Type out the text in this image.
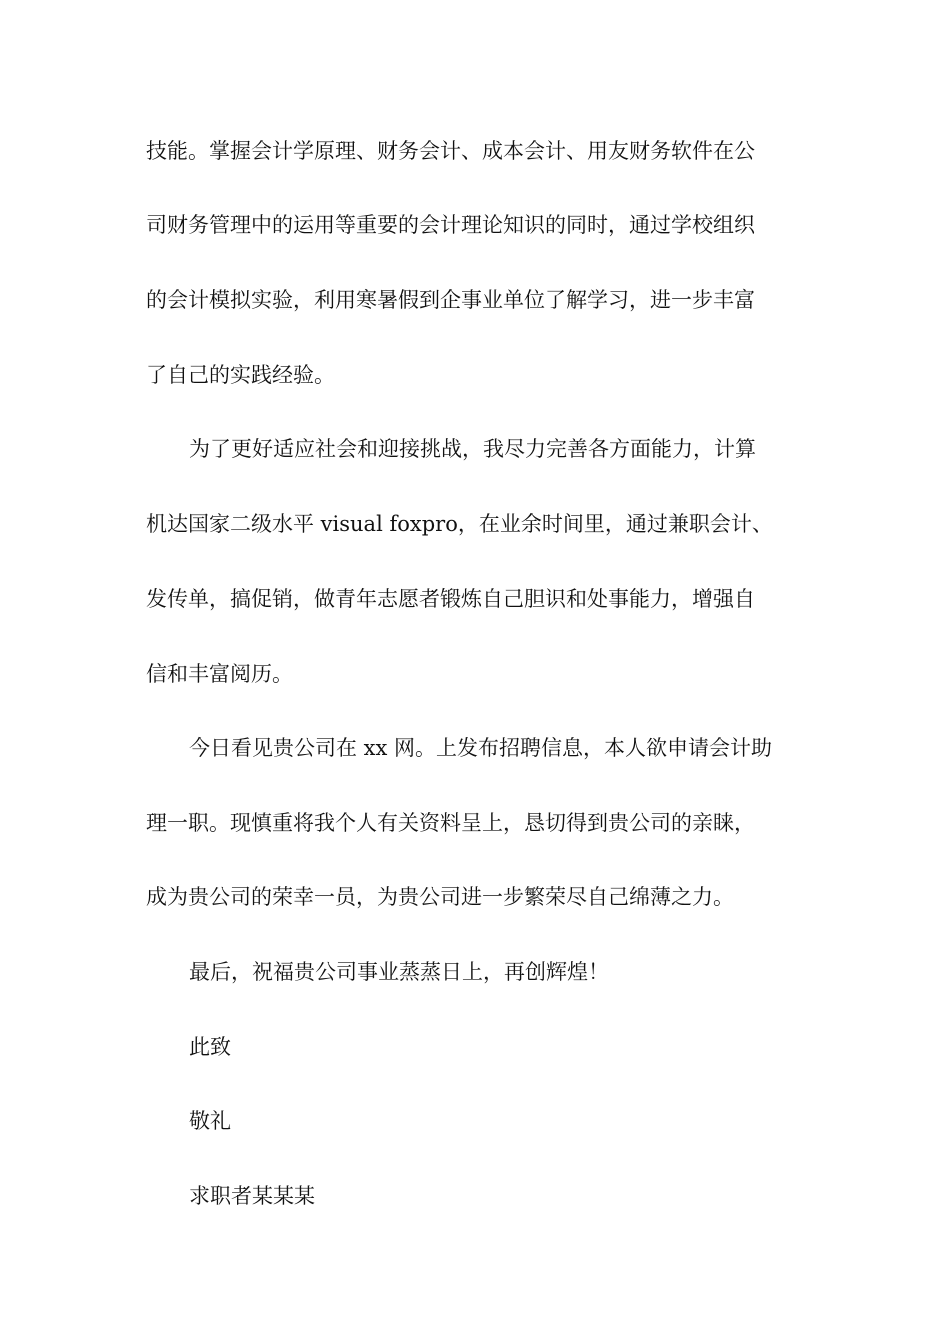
技能。掌握会计学原理、财务会计、成本会计、用友财务软件在公
司财务管理中的运用等重要的会计理论知识的同时，通过学校组织
的会计模拟实验，利用寒暑假到企事业单位了解学习，进一步丰富
了自己的实践经验。
为了更好适应社会和迎接挑战，我尽力完善各方面能力，计算
机达国家二级水平 visual foxpro，在业余时间里，通过兼职会计、
发传单，搞促销，做青年志愿者锻炼自己胆识和处事能力，增强自
信和丰富阅历。
今日看见贵公司在 xx 网。上发布招聘信息，本人欲申请会计助
理一职。现慎重将我个人有关资料呈上，恳切得到贵公司的亲睐，
成为贵公司的荣幸一员，为贵公司进一步繁荣尽自己绵薄之力。
最后，祝福贵公司事业蒸蒸日上，再创辉煌！
此致
敬礼
求职者某某某
